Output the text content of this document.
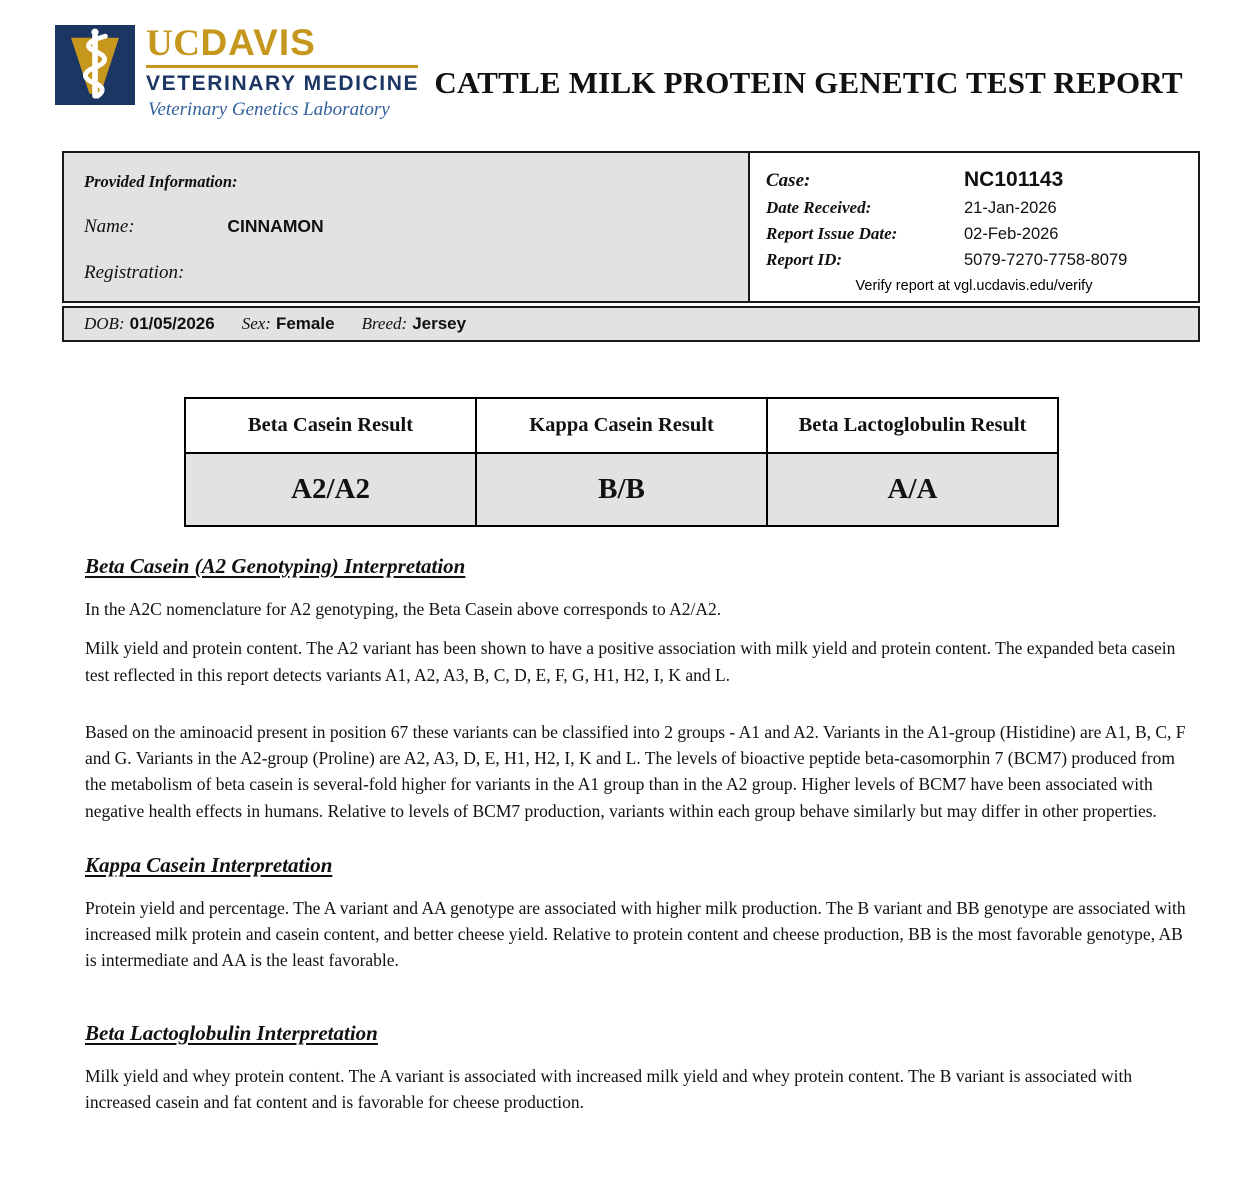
UCDAVIS
VETERINARY MEDICINE
Veterinary Genetics Laboratory
CATTLE MILK PROTEIN GENETIC TEST REPORT
Provided Information:
Name:	CINNAMON
Registration:
Case:	NC101143
Date Received:	21-Jan-2026
Report Issue Date:	02-Feb-2026
Report ID:	5079-7270-7758-8079
Verify report at vgl.ucdavis.edu/verify
DOB: 01/05/2026 Sex: Female Breed: Jersey
Beta Casein Result	Kappa Casein Result	Beta Lactoglobulin Result
A2/A2	B/B	A/A
Beta Casein (A2 Genotyping) Interpretation

In the A2C nomenclature for A2 genotyping, the Beta Casein above corresponds to A2/A2.

Milk yield and protein content. The A2 variant has been shown to have a positive association with milk yield and protein content. The expanded beta casein test reflected in this report detects variants A1, A2, A3, B, C, D, E, F, G, H1, H2, I, K and L.

Based on the aminoacid present in position 67 these variants can be classified into 2 groups - A1 and A2. Variants in the A1-group (Histidine) are A1, B, C, F and G. Variants in the A2-group (Proline) are A2, A3, D, E, H1, H2, I, K and L. The levels of bioactive peptide beta-casomorphin 7 (BCM7) produced from the metabolism of beta casein is several-fold higher for variants in the A1 group than in the A2 group. Higher levels of BCM7 have been associated with negative health effects in humans. Relative to levels of BCM7 production, variants within each group behave similarly but may differ in other properties.

Kappa Casein Interpretation

Protein yield and percentage. The A variant and AA genotype are associated with higher milk production. The B variant and BB genotype are associated with increased milk protein and casein content, and better cheese yield. Relative to protein content and cheese production, BB is the most favorable genotype, AB is intermediate and AA is the least favorable.

Beta Lactoglobulin Interpretation

Milk yield and whey protein content. The A variant is associated with increased milk yield and whey protein content. The B variant is associated with increased casein and fat content and is favorable for cheese production.
